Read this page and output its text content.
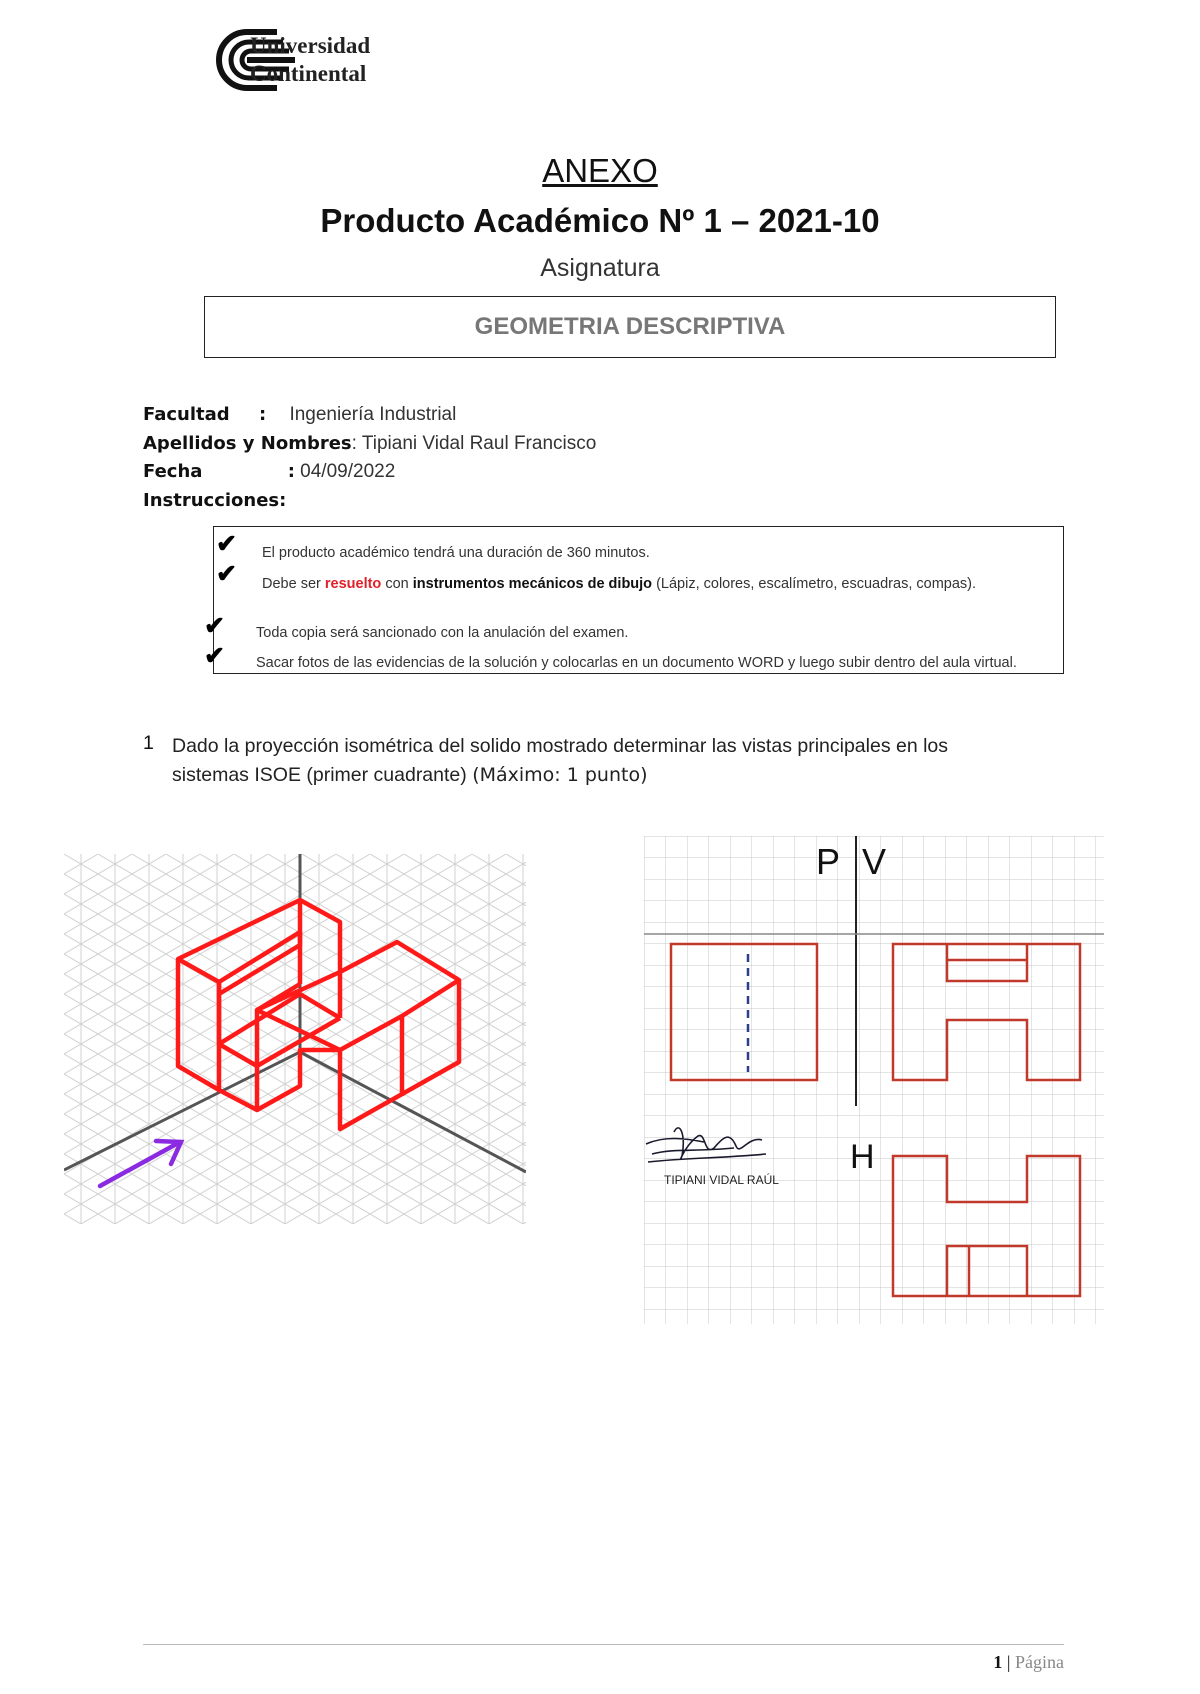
Universidad
Continental
ANEXO
Producto Académico Nº 1 – 2021-10
Asignatura
GEOMETRIA DESCRIPTIVA
Facultad : Ingeniería Industrial
Apellidos y Nombres: Tipiani Vidal Raul Francisco
Fecha	: 04/09/2022
Instrucciones:
✔ El producto académico tendrá una duración de 360 minutos.
✔ Debe ser resuelto con instrumentos mecánicos de dibujo (Lápiz, colores, escalímetro, escuadras, compas).
✔ Toda copia será sancionado con la anulación del examen.
✔ Sacar fotos de las evidencias de la solución y colocarlas en un documento WORD y luego subir dentro del aula virtual.
1 Dado la proyección isométrica del solido mostrado determinar las vistas principales en los sistemas ISOE (primer cuadrante) (Máximo: 1 punto)
P V
H
TIPIANI VIDAL RAÚL
1 | Página
